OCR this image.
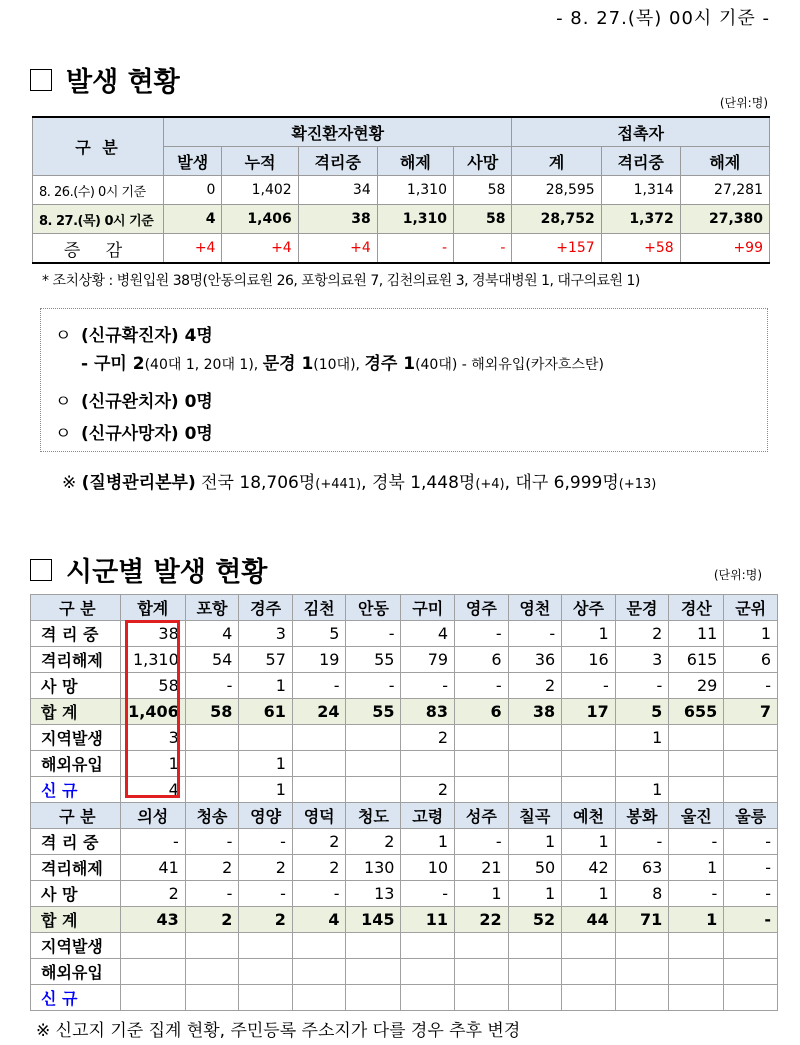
- 8. 27.(목) 00시 기준 -
발생 현황
(단위:명)
구 분	확진환자현황					접촉자		
	발생	누적	격리중	해제	사망	계	격리중	해제
8. 26.(수) 0시 기준	0	1,402	34	1,310	58	28,595	1,314	27,281
8. 27.(목) 0시 기준	4	1,406	38	1,310	58	28,752	1,372	27,380
증 감	+4	+4	+4	-	-	+157	+58	+99
* 조치상황 : 병원입원 38명(안동의료원 26, 포항의료원 7, 김천의료원 3, 경북대병원 1, 대구의료원 1)
ㅇ (신규확진자) 4명
- 구미 2(40대 1, 20대 1), 문경 1(10대), 경주 1(40대) - 해외유입(카자흐스탄)
ㅇ (신규완치자) 0명
ㅇ (신규사망자) 0명
※ (질병관리본부) 전국 18,706명(+441), 경북 1,448명(+4), 대구 6,999명(+13)
시군별 발생 현황	(단위:명)
구 분	합계	포항	경주	김천	안동	구미	영주	영천	상주	문경	경산	군위
격 리 중	38	4	3	5	-	4	-	-	1	2	11	1
격리해제	1,310	54	57	19	55	79	6	36	16	3	615	6
사 망	58	-	1	-	-	-	-	2	-	-	29	-
합 계	1,406	58	61	24	55	83	6	38	17	5	655	7
지역발생	3					2				1		
해외유입	1		1									
신 규	4		1			2				1		
구 분	의성	청송	영양	영덕	청도	고령	성주	칠곡	예천	봉화	울진	울릉
격 리 중	-	-	-	2	2	1	-	1	1	-	-	-
격리해제	41	2	2	2	130	10	21	50	42	63	1	-
사 망	2	-	-	-	13	-	1	1	1	8	-	-
합 계	43	2	2	4	145	11	22	52	44	71	1	-
지역발생												
해외유입												
신 규												
※ 신고지 기준 집계 현황, 주민등록 주소지가 다를 경우 추후 변경
